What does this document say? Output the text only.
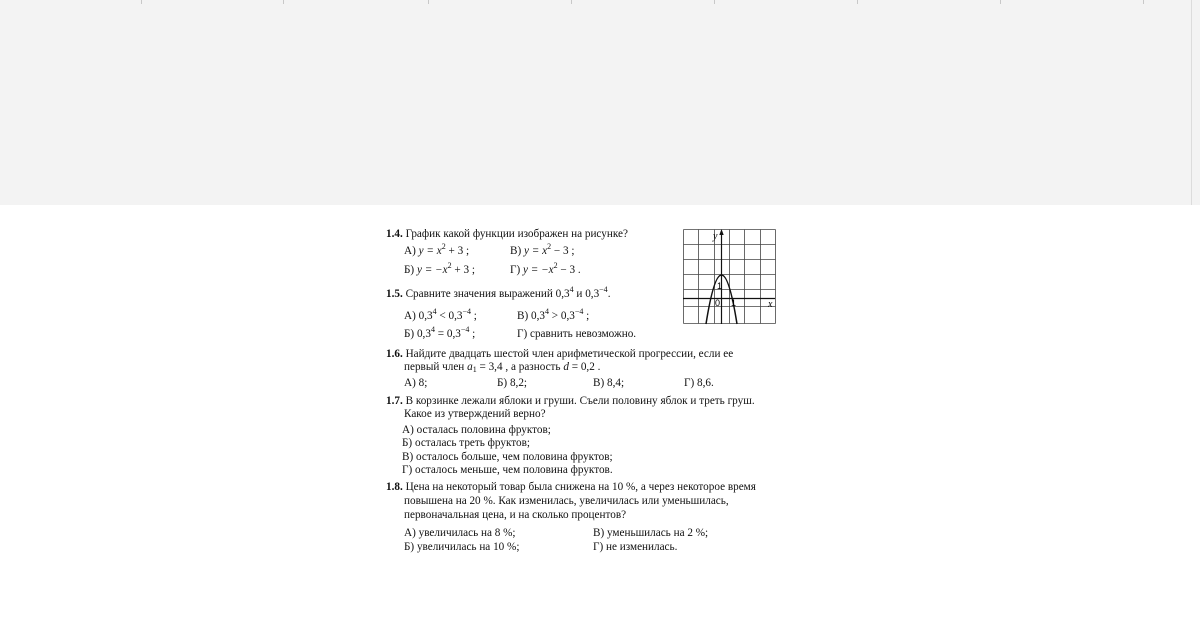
1.4. График какой функции изображен на рисунке?
А) $y = x^2 + 3$ ;	В) $y = x^2 - 3$ ;
Б) $y = -x^2 + 3$ ;	Г) $y = -x^2 - 3$ .
y
x
0 1
1
1.5. Сравните значения выражений $0,3^4$ и $0,3^{-4}$.
А) $0,3^4 < 0,3^{-4}$ ;	В) $0,3^4 > 0,3^{-4}$ ;
Б) $0,3^4 = 0,3^{-4}$ ;	Г) сравнить невозможно.
1.6. Найдите двадцать шестой член арифметической прогрессии, если ее
первый член $a_1 = 3,4$ , а разность d = 0,2 .
А) 8;	Б) 8,2;	В) 8,4;	Г) 8,6.
1.7. В корзинке лежали яблоки и груши. Съели половину яблок и треть груш.
Какое из утверждений верно?
А) осталась половина фруктов;
Б) осталась треть фруктов;
В) осталось больше, чем половина фруктов;
Г) осталось меньше, чем половина фруктов.
1.8. Цена на некоторый товар была снижена на 10 %, а через некоторое время
повышена на 20 %. Как изменилась, увеличилась или уменьшилась,
первоначальная цена, и на сколько процентов?
А) увеличилась на 8 %;	В) уменьшилась на 2 %;
Б) увеличилась на 10 %;	Г) не изменилась.
